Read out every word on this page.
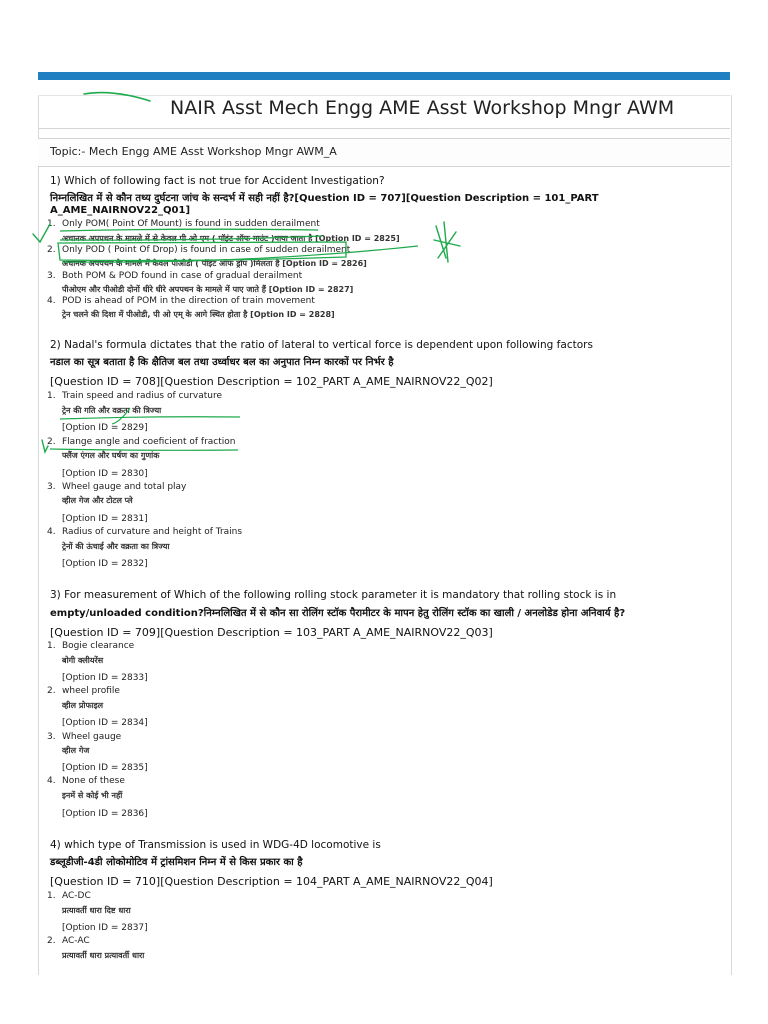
NAIR Asst Mech Engg AME Asst Workshop Mngr AWM
Topic:- Mech Engg AME Asst Workshop Mngr AWM_A
1) Which of following fact is not true for Accident Investigation?
निम्नलिखित में से कौन तथ्य दुर्घटना जांच के सन्दर्भ में सही नहीं है?[Question ID = 707][Question Description = 101_PART
A_AME_NAIRNOV22_Q01]
1. Only POM( Point Of Mount) is found in sudden derailment
अचानक अपपथन के मामले में से केवल पी ओ एम ( पॉइंट ऑफ माउंट )पाया जाता है [Option ID = 2825]
2. Only POD ( Point Of Drop) is found in case of sudden derailment
अचानक अपपथन के मामले में केवल पीओडी ( पॉइंट ऑफ ड्रॉप )मिलता है [Option ID = 2826]
3. Both POM & POD found in case of gradual derailment
पीओएम और पीओडी दोनों धीरे धीरे अपपथन के मामले में पाए जाते हैं [Option ID = 2827]
4. POD is ahead of POM in the direction of train movement
ट्रेन चलने की दिशा में पीओडी, पी ओ एम् के आगे स्थित होता है [Option ID = 2828]
2) Nadal's formula dictates that the ratio of lateral to vertical force is dependent upon following factors
नडाल का सूत्र बताता है कि क्षैतिज बल तथा उर्ध्वाधर बल का अनुपात निम्न कारकों पर निर्भर है
[Question ID = 708][Question Description = 102_PART A_AME_NAIRNOV22_Q02]
1. Train speed and radius of curvature
ट्रेन की गति और वक्रता की त्रिज्या
[Option ID = 2829]
2. Flange angle and coeficient of fraction
फ्लैंज एंगल और घर्षण का गुणांक
[Option ID = 2830]
3. Wheel gauge and total play
व्हील गेज और टोटल प्ले
[Option ID = 2831]
4. Radius of curvature and height of Trains
ट्रेनों की ऊंचाई और वक्रता का त्रिज्या
[Option ID = 2832]
3) For measurement of Which of the following rolling stock parameter it is mandatory that rolling stock is in
empty/unloaded condition?निम्नलिखित में से कौन सा रोलिंग स्टॉक पैरामीटर के मापन हेतु रोलिंग स्टॉक का खाली / अनलोडेड होना अनिवार्य है?
[Question ID = 709][Question Description = 103_PART A_AME_NAIRNOV22_Q03]
1. Bogie clearance
बोगी क्लीयरेंस
[Option ID = 2833]
2. wheel profile
व्हील प्रोफाइल
[Option ID = 2834]
3. Wheel gauge
व्हील गेज
[Option ID = 2835]
4. None of these
इनमें से कोई भी नहीं
[Option ID = 2836]
4) which type of Transmission is used in WDG-4D locomotive is
डब्लूडीजी-4डी लोकोमोटिव में ट्रांसमिशन निम्न में से किस प्रकार का है
[Question ID = 710][Question Description = 104_PART A_AME_NAIRNOV22_Q04]
1. AC-DC
प्रत्यावर्ती धारा दिष्ट धारा
[Option ID = 2837]
2. AC-AC
प्रत्यावर्ती धारा प्रत्यावर्ती धारा
